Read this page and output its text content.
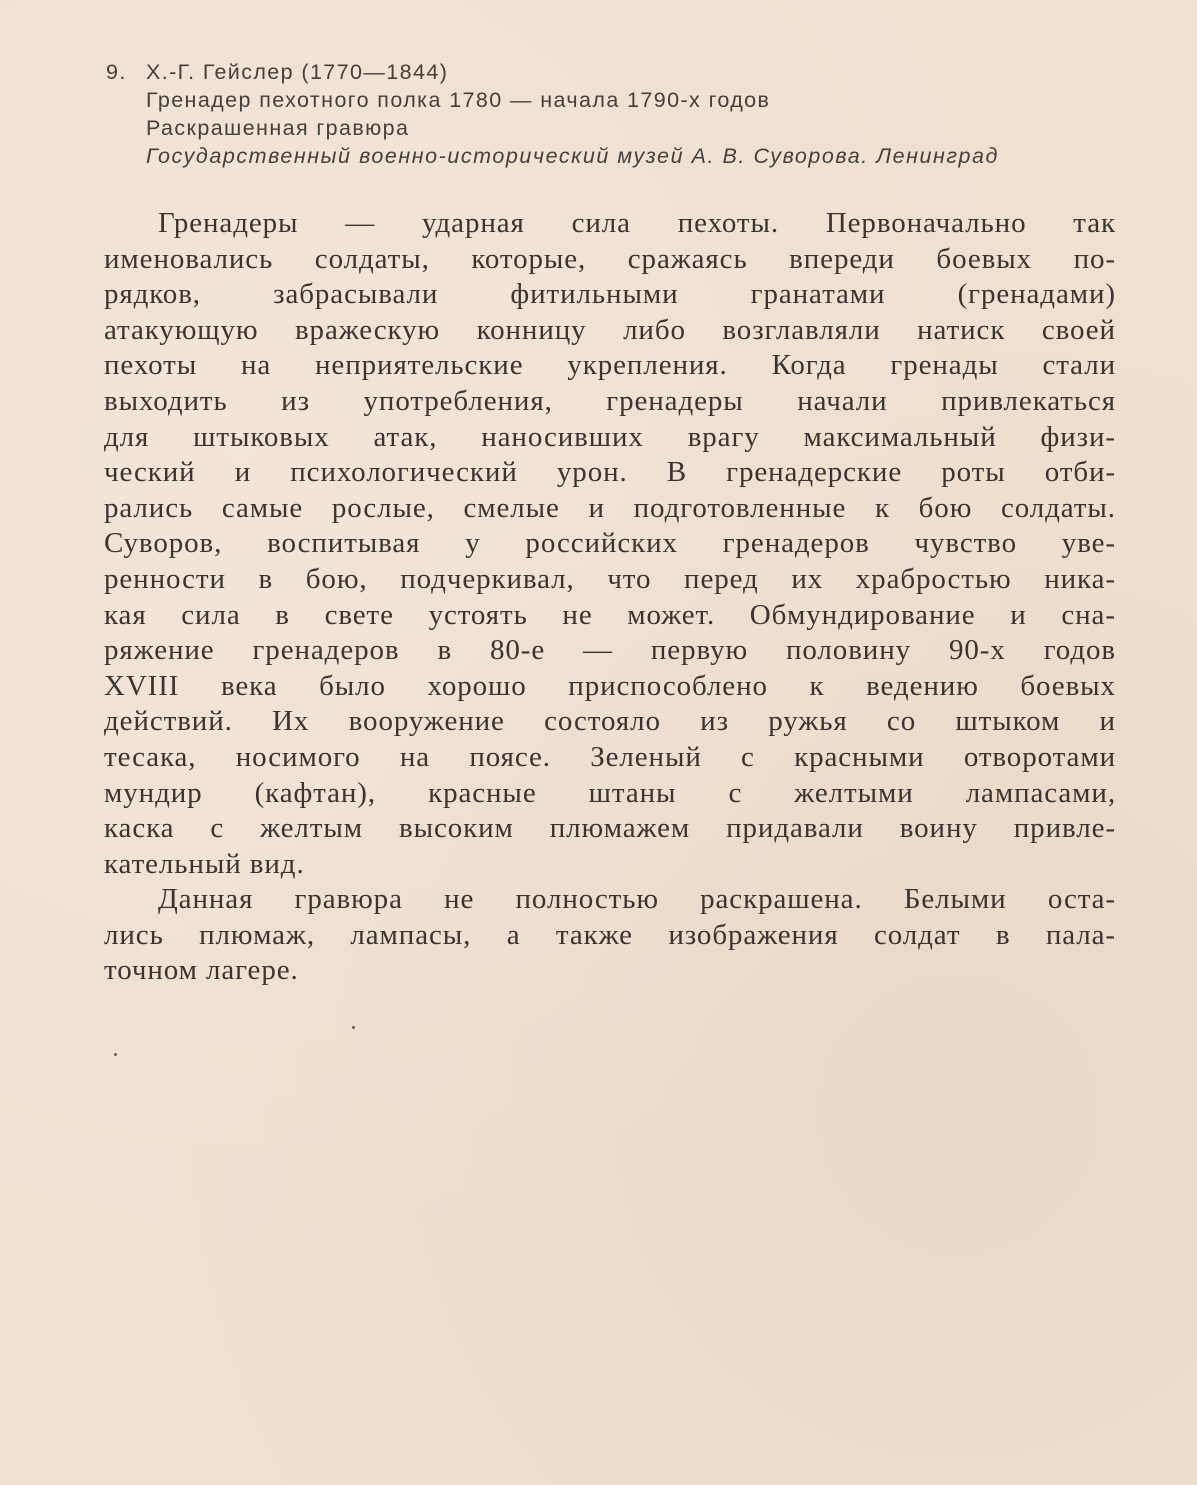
9. Х.-Г. Гейслер (1770—1844)
Гренадер пехотного полка 1780 — начала 1790-х годов
Раскрашенная гравюра
Государственный военно-исторический музей А. В. Суворова. Ленинград
Гренадеры — ударная сила пехоты. Первоначально так
именовались солдаты, которые, сражаясь впереди боевых по-
рядков, забрасывали фитильными гранатами (гренадами)
атакующую вражескую конницу либо возглавляли натиск своей
пехоты на неприятельские укрепления. Когда гренады стали
выходить из употребления, гренадеры начали привлекаться
для штыковых атак, наносивших врагу максимальный физи-
ческий и психологический урон. В гренадерские роты отби-
рались самые рослые, смелые и подготовленные к бою солдаты.
Суворов, воспитывая у российских гренадеров чувство уве-
ренности в бою, подчеркивал, что перед их храбростью ника-
кая сила в свете устоять не может. Обмундирование и сна-
ряжение гренадеров в 80-е — первую половину 90-х годов
XVIII века было хорошо приспособлено к ведению боевых
действий. Их вооружение состояло из ружья со штыком и
тесака, носимого на поясе. Зеленый с красными отворотами
мундир (кафтан), красные штаны с желтыми лампасами,
каска с желтым высоким плюмажем придавали воину привле-
кательный вид.
Данная гравюра не полностью раскрашена. Белыми оста-
лись плюмаж, лампасы, а также изображения солдат в пала-
точном лагере.
